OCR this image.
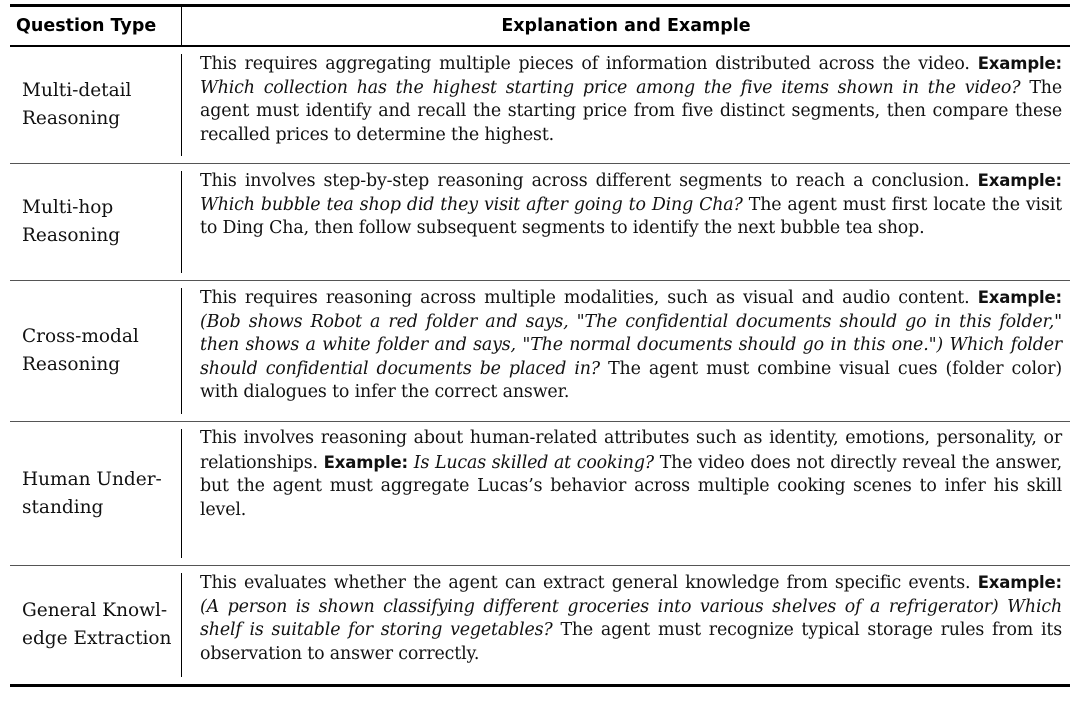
Question Type	Explanation and Example
Multi-detail
Reasoning
This requires aggregating multiple pieces of information distributed across the video. Example: Which collection has the highest starting price among the five items shown in the video? The agent must identify and recall the starting price from five distinct segments, then compare these recalled prices to determine the highest.
Multi-hop
Reasoning
This involves step-by-step reasoning across different segments to reach a conclusion. Example: Which bubble tea shop did they visit after going to Ding Cha? The agent must first locate the visit to Ding Cha, then follow subsequent segments to identify the next bubble tea shop.
Cross-modal
Reasoning
This requires reasoning across multiple modalities, such as visual and audio content. Example: (Bob shows Robot a red folder and says, "The confidential documents should go in this folder," then shows a white folder and says, "The normal documents should go in this one.") Which folder should confidential documents be placed in? The agent must combine visual cues (folder color) with dialogues to infer the correct answer.
Human Under-
standing
This involves reasoning about human-related attributes such as identity, emotions, personality, or relationships. Example: Is Lucas skilled at cooking? The video does not directly reveal the answer, but the agent must aggregate Lucas’s behavior across multiple cooking scenes to infer his skill level.
General Knowl-
edge Extraction
This evaluates whether the agent can extract general knowledge from specific events. Example: (A person is shown classifying different groceries into various shelves of a refrigerator) Which shelf is suitable for storing vegetables? The agent must recognize typical storage rules from its observation to answer correctly.
